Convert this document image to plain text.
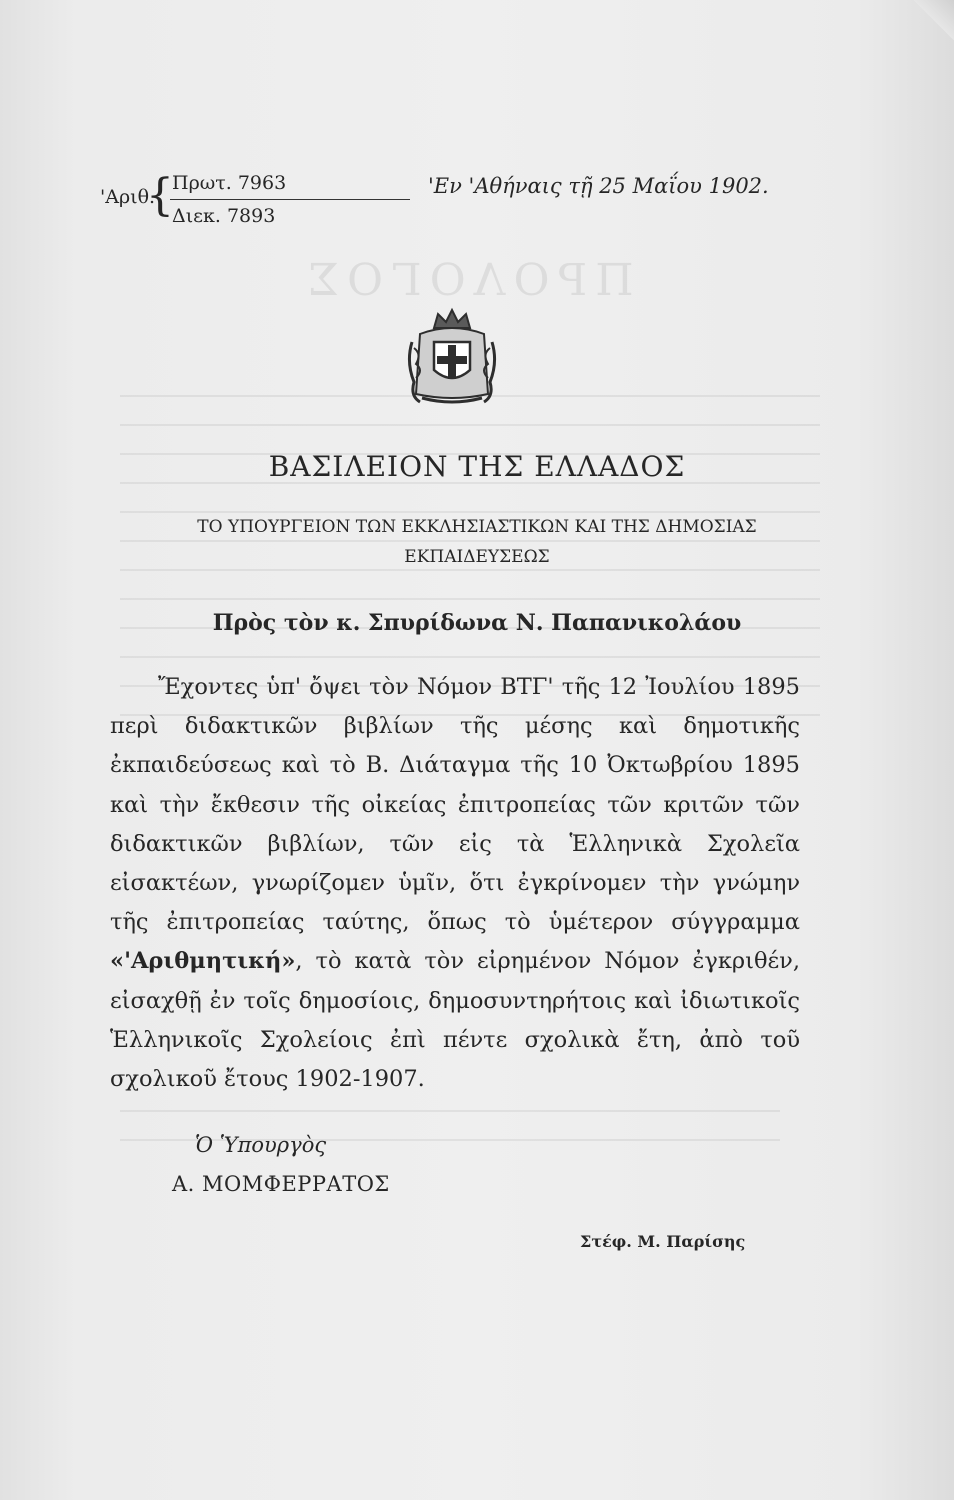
ΠΡΟΛΟΓΟΣ
'Αριθ.
{
Πρωτ. 7963
Διεκ. 7893
'Εν 'Αθήναις τῇ 25 Μαΐου 1902.
ΒΑΣΙΛΕΙΟΝ ΤΗΣ ΕΛΛΑΔΟΣ
ΤΟ ΥΠΟΥΡΓΕΙΟΝ ΤΩΝ ΕΚΚΛΗΣΙΑΣΤΙΚΩΝ ΚΑΙ ΤΗΣ ΔΗΜΟΣΙΑΣ
ΕΚΠΑΙΔΕΥΣΕΩΣ
Πρὸς τὸν κ. Σπυρίδωνα Ν. Παπανικολάου

Ἔχοντες ὑπ' ὄψει τὸν Νόμον ΒΤΓ' τῆς 12 Ἰουλίου 1895 περὶ διδακτικῶν βιβλίων τῆς μέσης καὶ δημοτικῆς ἐκπαιδεύσεως καὶ τὸ Β. Διάταγμα τῆς 10 Ὀκτωβρίου 1895 καὶ τὴν ἔκθεσιν τῆς οἰκείας ἐπιτροπείας τῶν κριτῶν τῶν διδακτικῶν βιβλίων, τῶν εἰς τὰ Ἑλληνικὰ Σχολεῖα εἰσακτέων, γνωρίζομεν ὑμῖν, ὅτι ἐγκρίνομεν τὴν γνώμην τῆς ἐπιτροπείας ταύτης, ὅπως τὸ ὑμέτερον σύγγραμμα «'Αριθμητική», τὸ κατὰ τὸν εἰρημένον Νόμον ἐγκριθέν, εἰσαχθῇ ἐν τοῖς δημοσίοις, δημοσυντηρήτοις καὶ ἰδιωτικοῖς Ἑλληνικοῖς Σχολείοις ἐπὶ πέντε σχολικὰ ἔτη, ἀπὸ τοῦ σχολικοῦ ἔτους 1902-1907.

Ὁ Ὑπουργὸς
Α. ΜΟΜΦΕΡΡΑΤΟΣ
Στέφ. Μ. Παρίσης
